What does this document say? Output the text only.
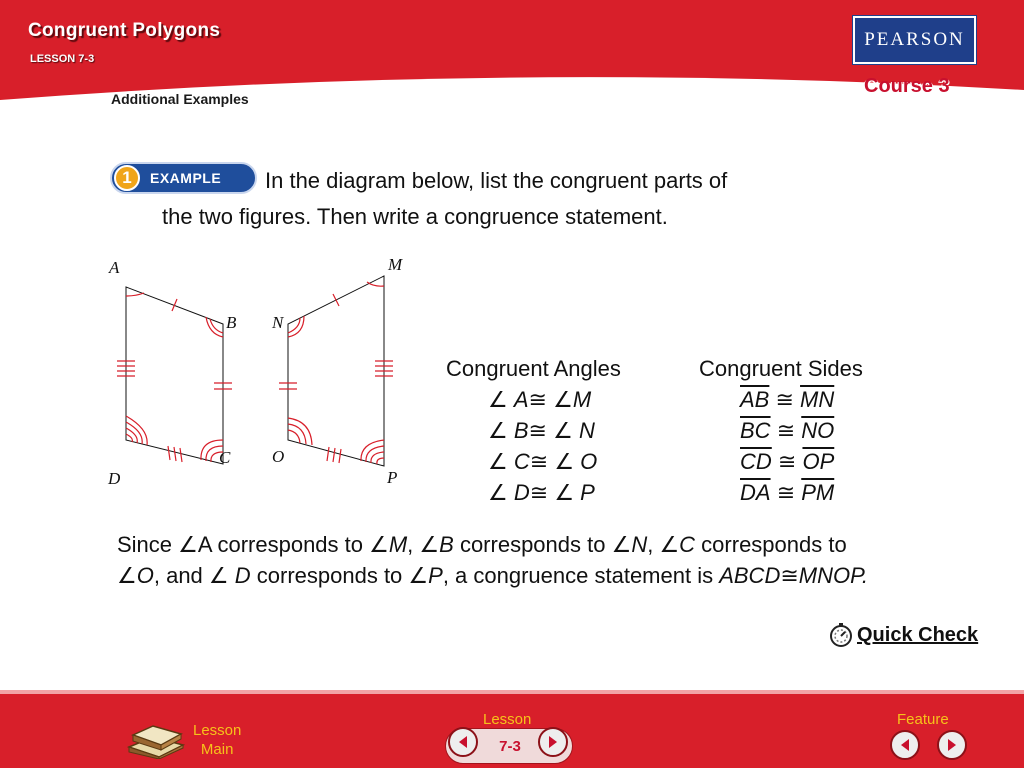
Congruent Polygons
LESSON 7-3
Additional Examples
PEARSON
Course 3
1	EXAMPLE In the diagram below, list the congruent parts of
the two figures. Then write a congruence statement.
A
B
C
D
M
N
O
P
Congruent Angles
∠ A≅ ∠M
∠ B≅ ∠ N
∠ C≅ ∠ O
∠ D≅ ∠ P
Congruent Sides
$\overline{AB}$ ≅ $\overline{MN}$
$\overline{BC}$ ≅ $\overline{NO}$
$\overline{CD}$ ≅ $\overline{OP}$
$\overline{DA}$ ≅ $\overline{PM}$
Since ∠A corresponds to ∠M, ∠B corresponds to ∠N, ∠C corresponds to
∠O, and ∠ D corresponds to ∠P, a congruence statement is ABCD≅MNOP.
Quick Check
Lesson
Main
Lesson
7-3
Feature
